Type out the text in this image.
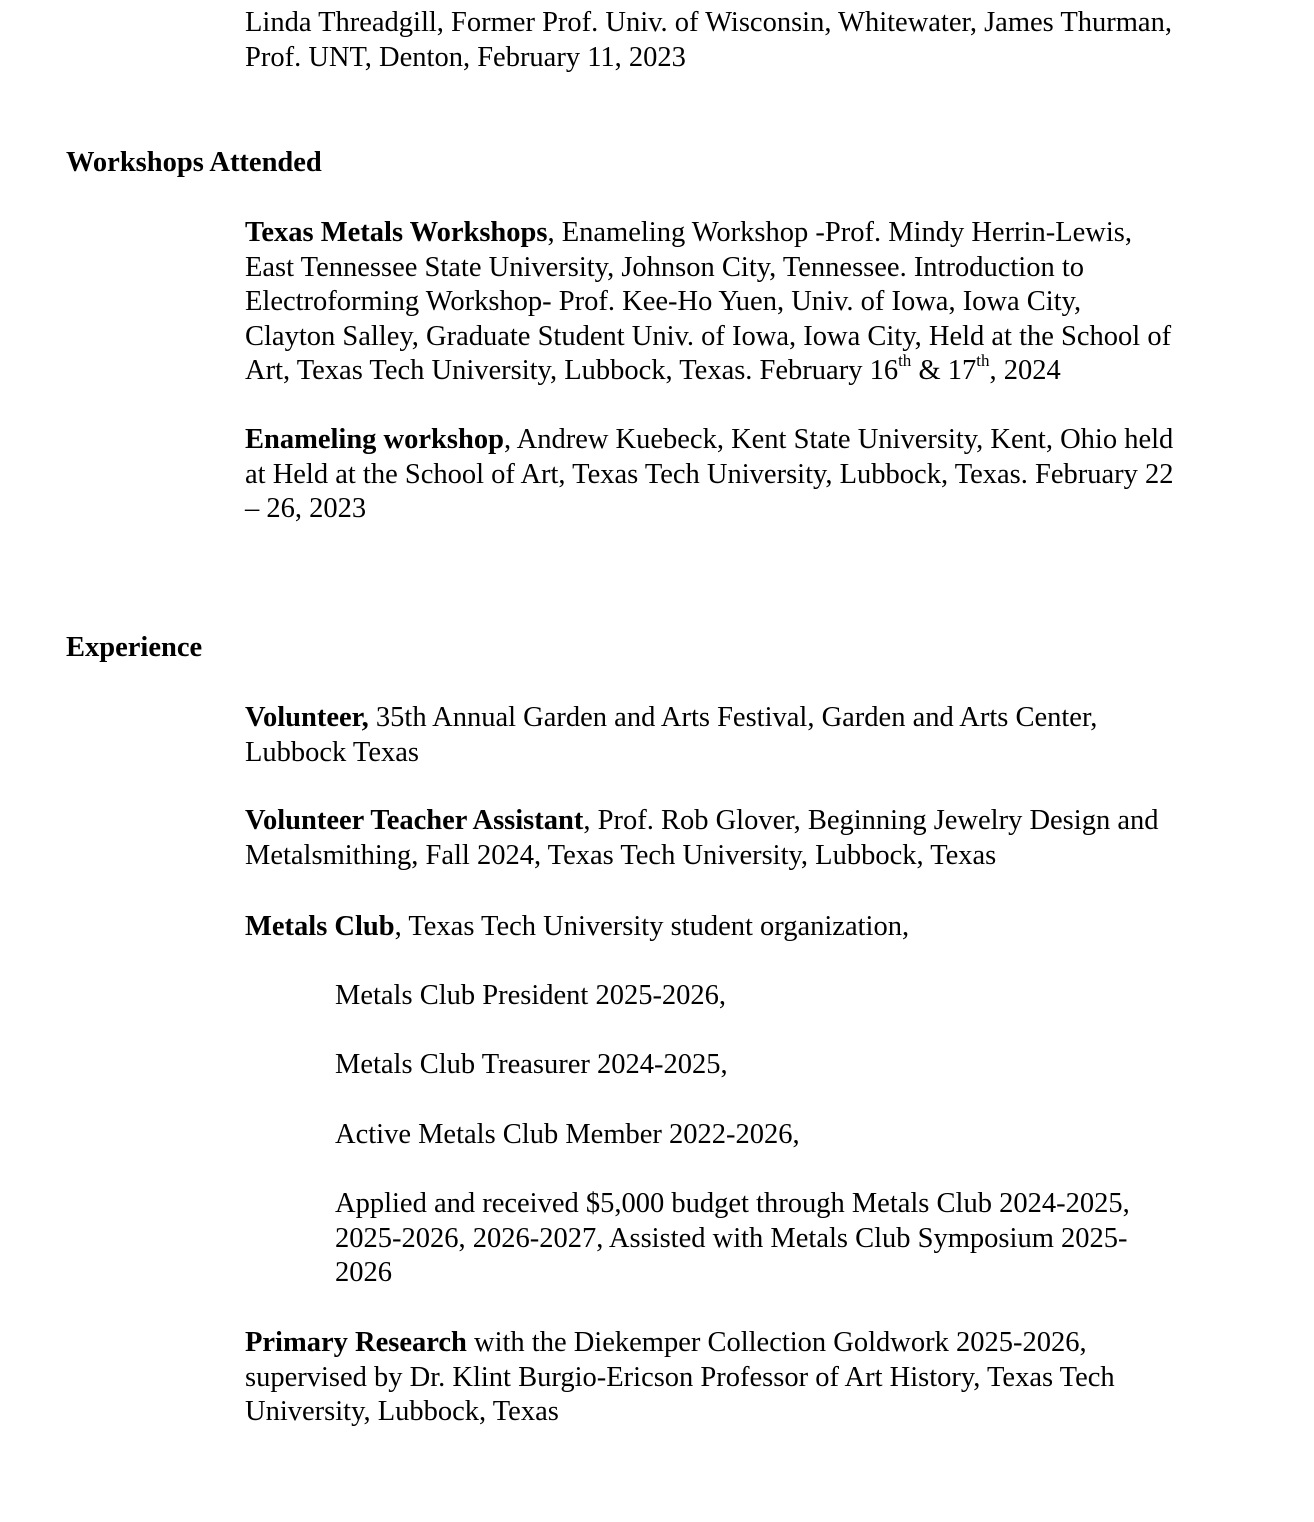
Linda Threadgill, Former Prof. Univ. of Wisconsin, Whitewater, James Thurman,
Prof. UNT, Denton, February 11, 2023
Workshops Attended
Texas Metals Workshops, Enameling Workshop -Prof. Mindy Herrin-Lewis,
East Tennessee State University, Johnson City, Tennessee. Introduction to
Electroforming Workshop- Prof. Kee-Ho Yuen, Univ. of Iowa, Iowa City,
Clayton Salley, Graduate Student Univ. of Iowa, Iowa City, Held at the School of
Art, Texas Tech University, Lubbock, Texas. February 16th & 17th, 2024
Enameling workshop, Andrew Kuebeck, Kent State University, Kent, Ohio held
at Held at the School of Art, Texas Tech University, Lubbock, Texas. February 22
– 26, 2023
Experience
Volunteer, 35th Annual Garden and Arts Festival, Garden and Arts Center,
Lubbock Texas
Volunteer Teacher Assistant, Prof. Rob Glover, Beginning Jewelry Design and
Metalsmithing, Fall 2024, Texas Tech University, Lubbock, Texas
Metals Club, Texas Tech University student organization,
Metals Club President 2025-2026,
Metals Club Treasurer 2024-2025,
Active Metals Club Member 2022-2026,
Applied and received $5,000 budget through Metals Club 2024-2025,
2025-2026, 2026-2027, Assisted with Metals Club Symposium 2025-
2026
Primary Research with the Diekemper Collection Goldwork 2025-2026,
supervised by Dr. Klint Burgio-Ericson Professor of Art History, Texas Tech
University, Lubbock, Texas
